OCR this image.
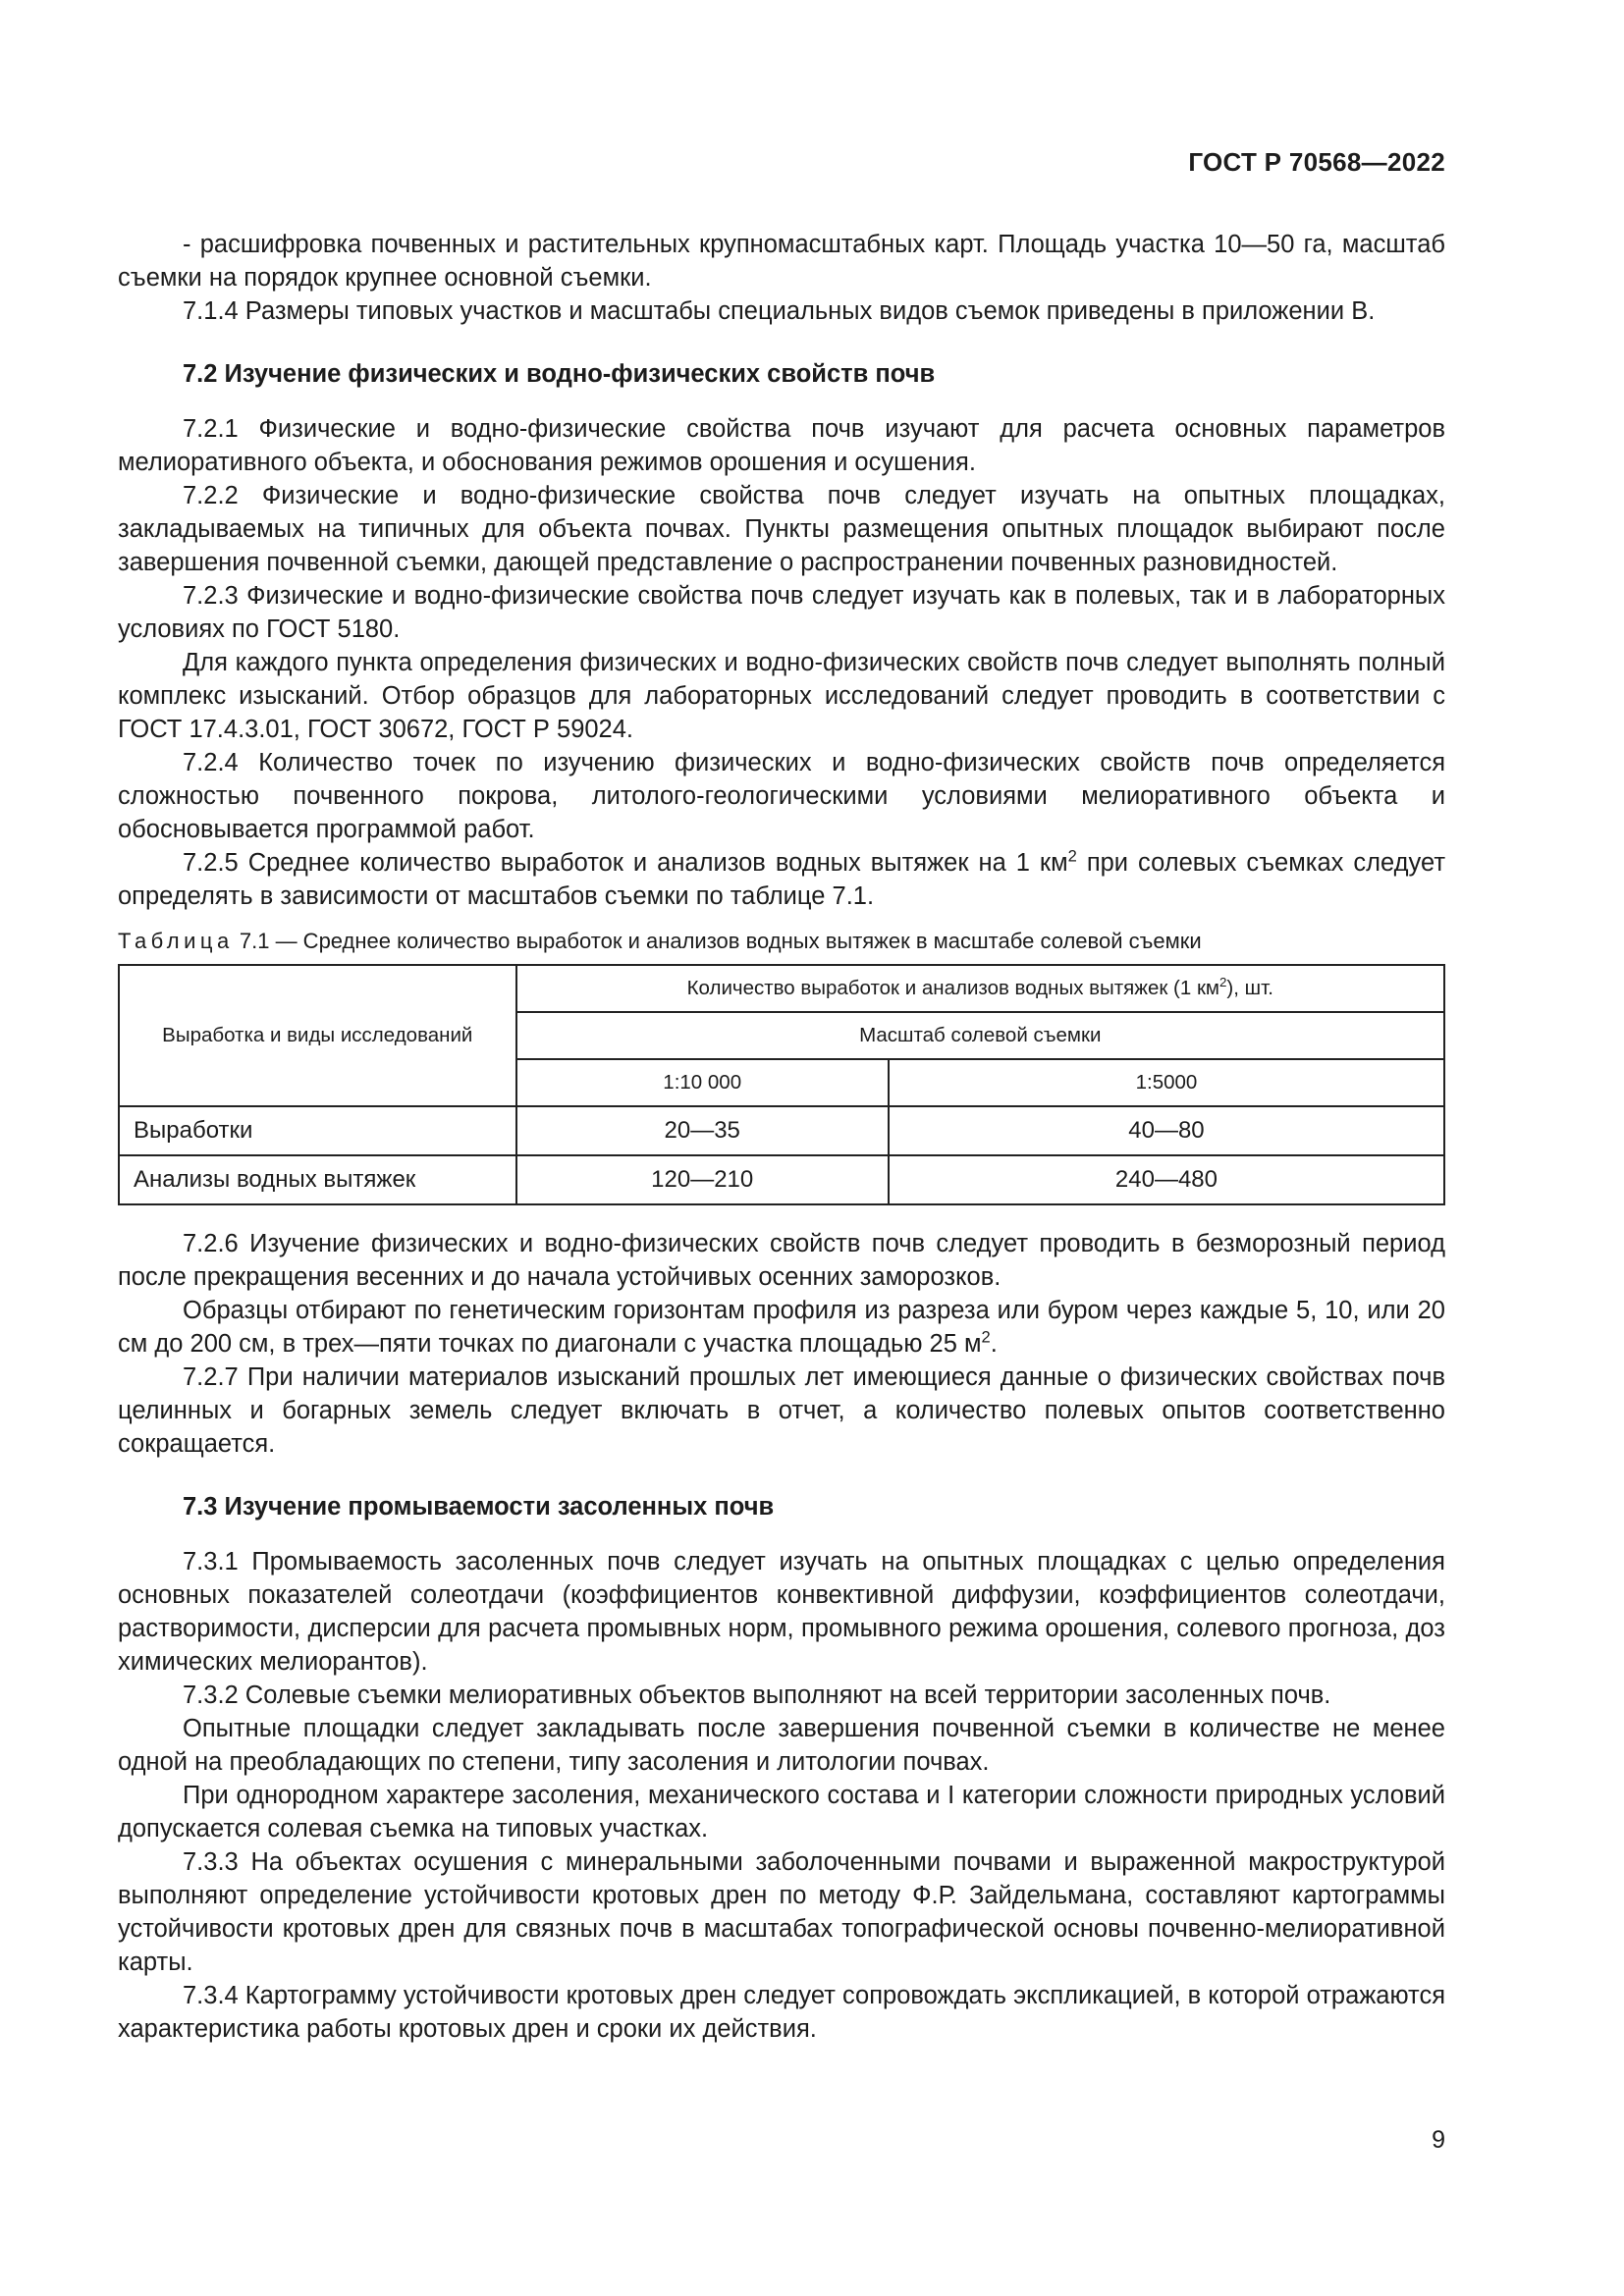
ГОСТ Р 70568—2022

- расшифровка почвенных и растительных крупномасштабных карт. Площадь участка 10—50 га, масштаб съемки на порядок крупнее основной съемки.

7.1.4 Размеры типовых участков и масштабы специальных видов съемок приведены в приложении В.

7.2 Изучение физических и водно-физических свойств почв

7.2.1 Физические и водно-физические свойства почв изучают для расчета основных параметров мелиоративного объекта, и обоснования режимов орошения и осушения.

7.2.2 Физические и водно-физические свойства почв следует изучать на опытных площадках, закладываемых на типичных для объекта почвах. Пункты размещения опытных площадок выбирают после завершения почвенной съемки, дающей представление о распространении почвенных разновидностей.

7.2.3 Физические и водно-физические свойства почв следует изучать как в полевых, так и в лабораторных условиях по ГОСТ 5180.

Для каждого пункта определения физических и водно-физических свойств почв следует выполнять полный комплекс изысканий. Отбор образцов для лабораторных исследований следует проводить в соответствии с ГОСТ 17.4.3.01, ГОСТ 30672, ГОСТ Р 59024.

7.2.4 Количество точек по изучению физических и водно-физических свойств почв определяется сложностью почвенного покрова, литолого-геологическими условиями мелиоративного объекта и обосновывается программой работ.

7.2.5 Среднее количество выработок и анализов водных вытяжек на 1 $км^2$ при солевых съемках следует определять в зависимости от масштабов съемки по таблице 7.1.

Таблица 7.1 — Среднее количество выработок и анализов водных вытяжек в масштабе солевой съемки
Выработка и виды исследований	Количество выработок и анализов водных вытяжек (1 $км^2$), шт.	
	Масштаб солевой съемки	
	1:10 000	1:5000
Выработки	20—35	40—80
Анализы водных вытяжек	120—210	240—480

7.2.6 Изучение физических и водно-физических свойств почв следует проводить в безморозный период после прекращения весенних и до начала устойчивых осенних заморозков.

Образцы отбирают по генетическим горизонтам профиля из разреза или буром через каждые 5, 10, или 20 см до 200 см, в трех—пяти точках по диагонали с участка площадью 25 $м^2$.

7.2.7 При наличии материалов изысканий прошлых лет имеющиеся данные о физических свойствах почв целинных и богарных земель следует включать в отчет, а количество полевых опытов соответственно сокращается.

7.3 Изучение промываемости засоленных почв

7.3.1 Промываемость засоленных почв следует изучать на опытных площадках с целью определения основных показателей солеотдачи (коэффициентов конвективной диффузии, коэффициентов солеотдачи, растворимости, дисперсии для расчета промывных норм, промывного режима орошения, солевого прогноза, доз химических мелиорантов).

7.3.2 Солевые съемки мелиоративных объектов выполняют на всей территории засоленных почв.

Опытные площадки следует закладывать после завершения почвенной съемки в количестве не менее одной на преобладающих по степени, типу засоления и литологии почвах.

При однородном характере засоления, механического состава и I категории сложности природных условий допускается солевая съемка на типовых участках.

7.3.3 На объектах осушения с минеральными заболоченными почвами и выраженной макроструктурой выполняют определение устойчивости кротовых дрен по методу Ф.Р. Зайдельмана, составляют картограммы устойчивости кротовых дрен для связных почв в масштабах топографической основы почвенно-мелиоративной карты.

7.3.4 Картограмму устойчивости кротовых дрен следует сопровождать экспликацией, в которой отражаются характеристика работы кротовых дрен и сроки их действия.

9
